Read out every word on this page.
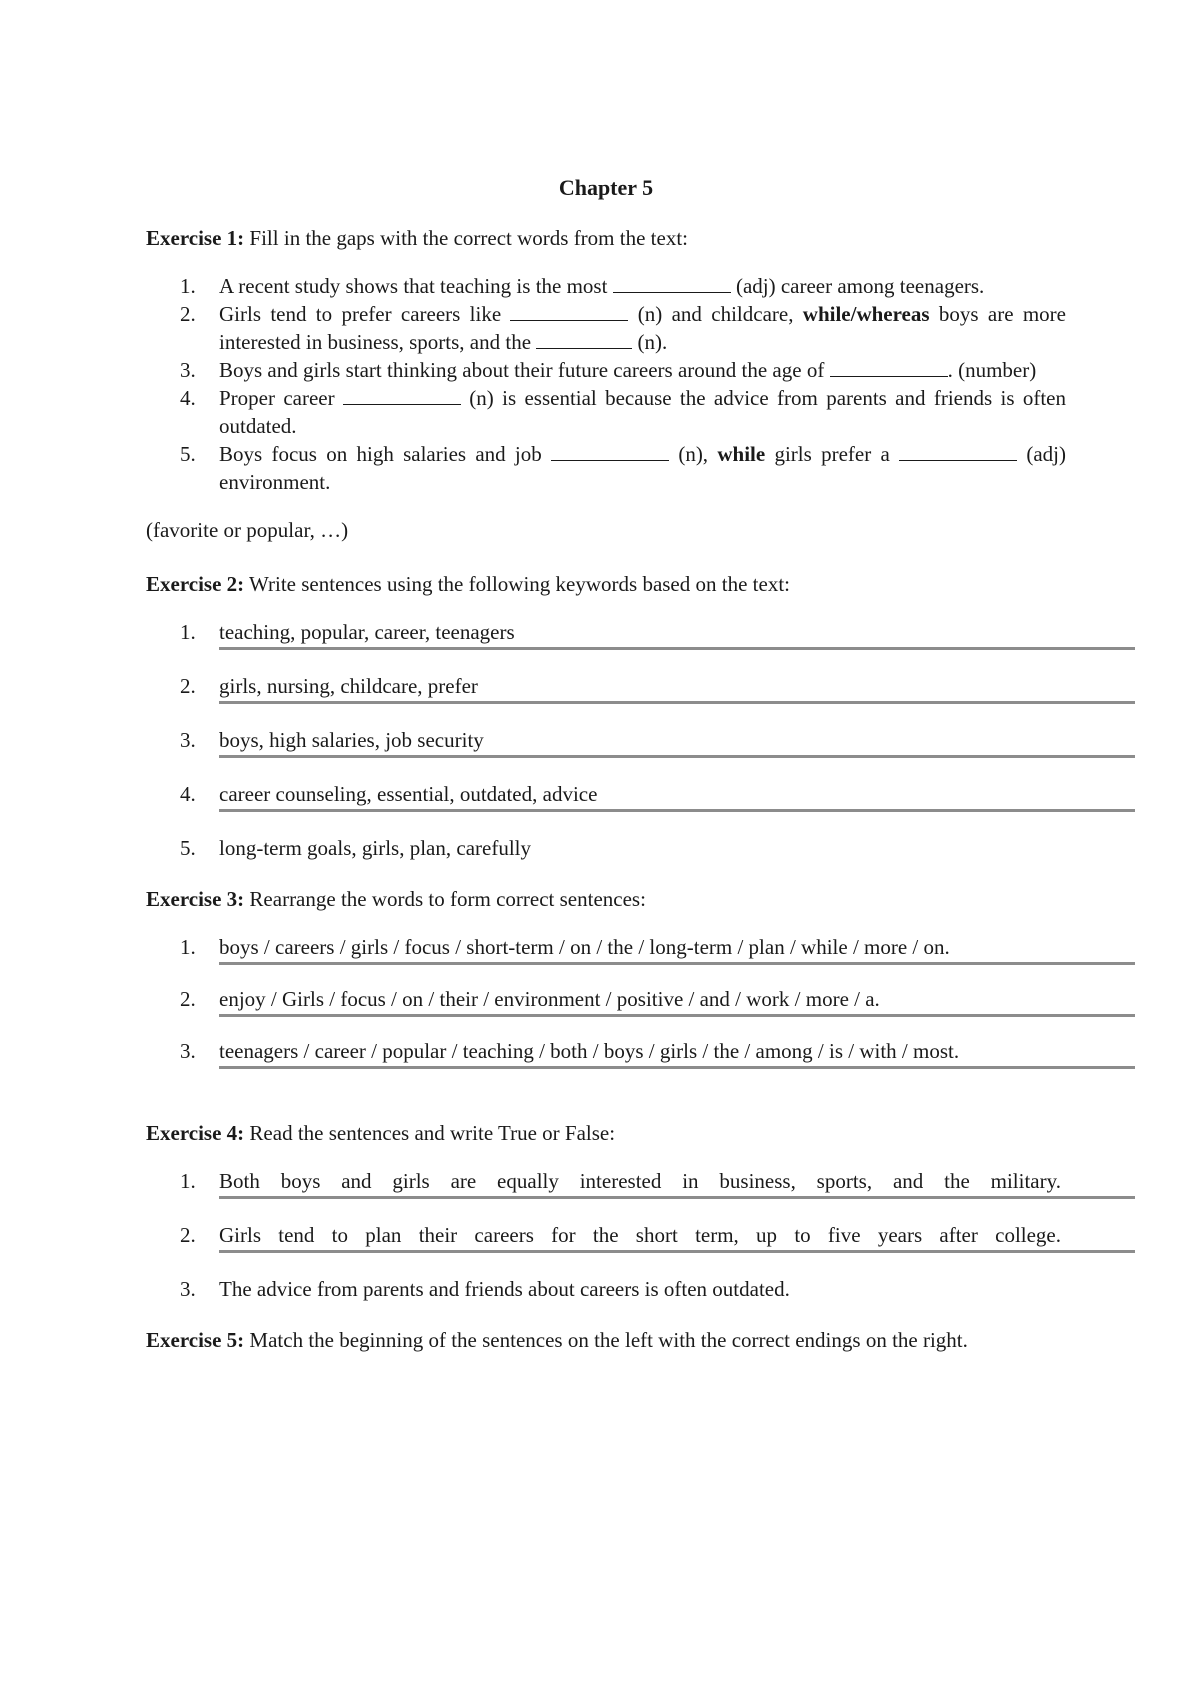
Chapter 5
Exercise 1: Fill in the gaps with the correct words from the text:
1. A recent study shows that teaching is the most	(adj) career among teenagers.
2. Girls tend to prefer careers like	(n) and childcare, while/whereas boys are more interested in business, sports, and the	(n).
3. Boys and girls start thinking about their future careers around the age of	. (number)
4. Proper career	(n) is essential because the advice from parents and friends is often outdated.
5. Boys focus on high salaries and job	(n), while girls prefer a	(adj) environment.
(favorite or popular, …)
Exercise 2: Write sentences using the following keywords based on the text:
1. teaching, popular, career, teenagers
2. girls, nursing, childcare, prefer
3. boys, high salaries, job security
4. career counseling, essential, outdated, advice
5. long-term goals, girls, plan, carefully
Exercise 3: Rearrange the words to form correct sentences:
1. boys / careers / girls / focus / short-term / on / the / long-term / plan / while / more / on.
2. enjoy / Girls / focus / on / their / environment / positive / and / work / more / a.
3. teenagers / career / popular / teaching / both / boys / girls / the / among / is / with / most.
Exercise 4: Read the sentences and write True or False:
1. Both boys and girls are equally interested in business, sports, and the military.
2. Girls tend to plan their careers for the short term, up to five years after college.
3. The advice from parents and friends about careers is often outdated.
Exercise 5: Match the beginning of the sentences on the left with the correct endings on the right.
